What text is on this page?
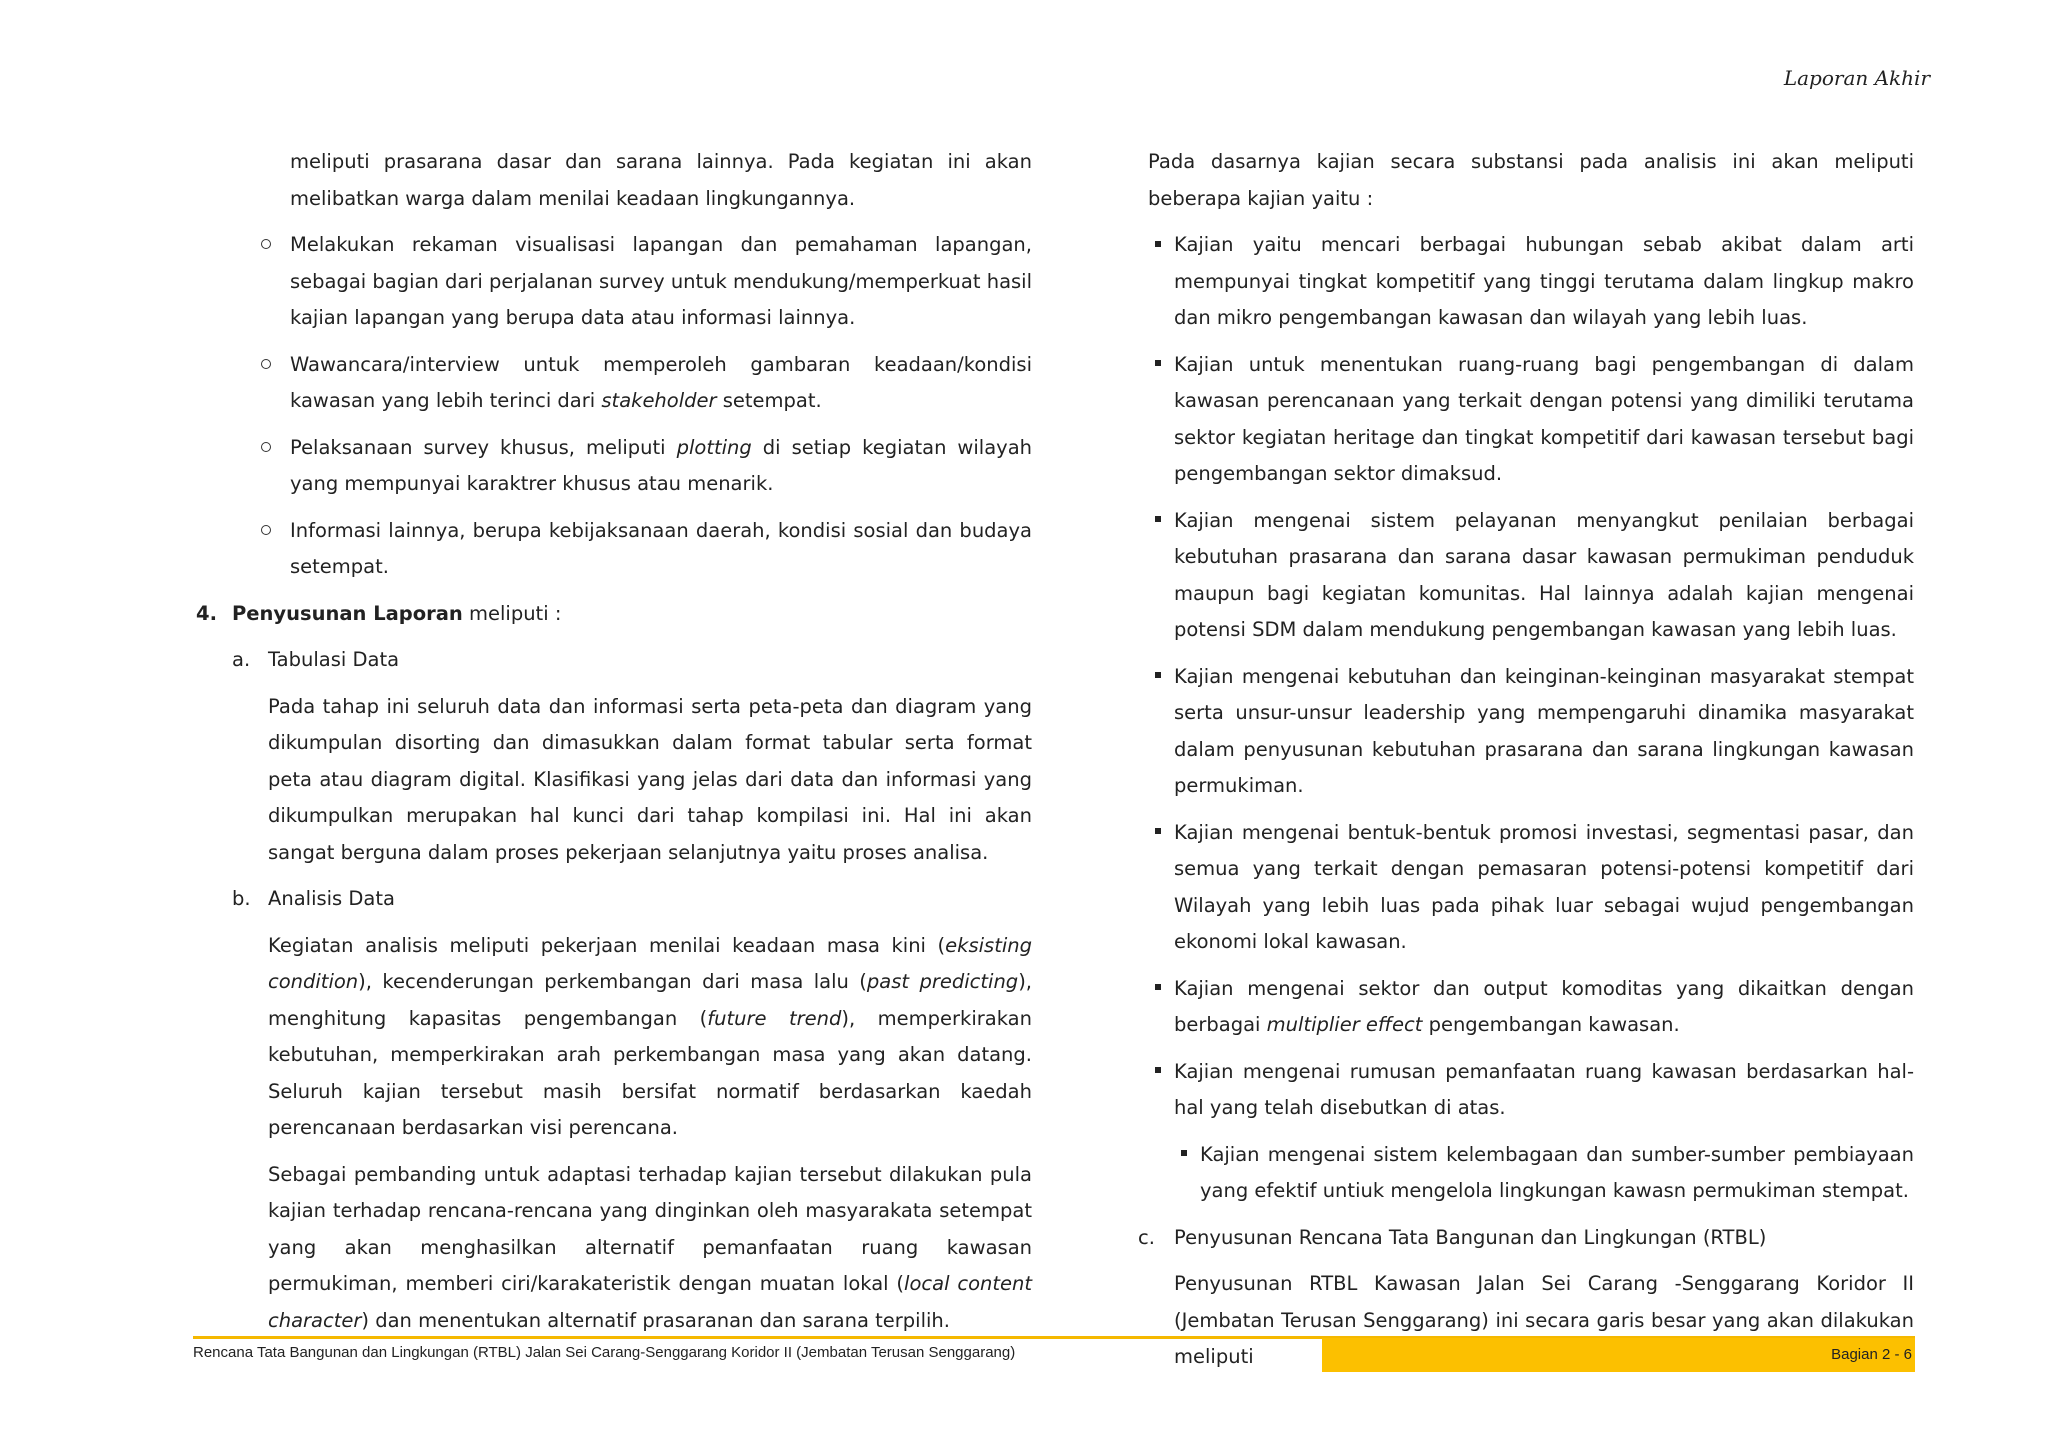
Laporan Akhir

meliputi prasarana dasar dan sarana lainnya. Pada kegiatan ini akan melibatkan warga dalam menilai keadaan lingkungannya.

Melakukan rekaman visualisasi lapangan dan pemahaman lapangan, sebagai bagian dari perjalanan survey untuk mendukung/memperkuat hasil kajian lapangan yang berupa data atau informasi lainnya.
Wawancara/interview untuk memperoleh gambaran keadaan/kondisi kawasan yang lebih terinci dari stakeholder setempat.
Pelaksanaan survey khusus, meliputi plotting di setiap kegiatan wilayah yang mempunyai karaktrer khusus atau menarik.
Informasi lainnya, berupa kebijaksanaan daerah, kondisi sosial dan budaya setempat.
4. Penyusunan Laporan meliputi :
a. Tabulasi Data

Pada tahap ini seluruh data dan informasi serta peta-peta dan diagram yang dikumpulan disorting dan dimasukkan dalam format tabular serta format peta atau diagram digital. Klasifikasi yang jelas dari data dan informasi yang dikumpulkan merupakan hal kunci dari tahap kompilasi ini. Hal ini akan sangat berguna dalam proses pekerjaan selanjutnya yaitu proses analisa.

b. Analisis Data

Kegiatan analisis meliputi pekerjaan menilai keadaan masa kini (eksisting condition), kecenderungan perkembangan dari masa lalu (past predicting), menghitung kapasitas pengembangan (future trend), memperkirakan kebutuhan, memperkirakan arah perkembangan masa yang akan datang. Seluruh kajian tersebut masih bersifat normatif berdasarkan kaedah perencanaan berdasarkan visi perencana.

Sebagai pembanding untuk adaptasi terhadap kajian tersebut dilakukan pula kajian terhadap rencana-rencana yang dinginkan oleh masyarakata setempat yang akan menghasilkan alternatif pemanfaatan ruang kawasan permukiman, memberi ciri/karakateristik dengan muatan lokal (local content character) dan menentukan alternatif prasaranan dan sarana terpilih.

Pada dasarnya kajian secara substansi pada analisis ini akan meliputi beberapa kajian yaitu :

Kajian yaitu mencari berbagai hubungan sebab akibat dalam arti mempunyai tingkat kompetitif yang tinggi terutama dalam lingkup makro dan mikro pengembangan kawasan dan wilayah yang lebih luas.
Kajian untuk menentukan ruang-ruang bagi pengembangan di dalam kawasan perencanaan yang terkait dengan potensi yang dimiliki terutama sektor kegiatan heritage dan tingkat kompetitif dari kawasan tersebut bagi pengembangan sektor dimaksud.
Kajian mengenai sistem pelayanan menyangkut penilaian berbagai kebutuhan prasarana dan sarana dasar kawasan permukiman penduduk maupun bagi kegiatan komunitas. Hal lainnya adalah kajian mengenai potensi SDM dalam mendukung pengembangan kawasan yang lebih luas.
Kajian mengenai kebutuhan dan keinginan-keinginan masyarakat stempat serta unsur-unsur leadership yang mempengaruhi dinamika masyarakat dalam penyusunan kebutuhan prasarana dan sarana lingkungan kawasan permukiman.
Kajian mengenai bentuk-bentuk promosi investasi, segmentasi pasar, dan semua yang terkait dengan pemasaran potensi-potensi kompetitif dari Wilayah yang lebih luas pada pihak luar sebagai wujud pengembangan ekonomi lokal kawasan.
Kajian mengenai sektor dan output komoditas yang dikaitkan dengan berbagai multiplier effect pengembangan kawasan.
Kajian mengenai rumusan pemanfaatan ruang kawasan berdasarkan hal-hal yang telah disebutkan di atas.
Kajian mengenai sistem kelembagaan dan sumber-sumber pembiayaan yang efektif untiuk mengelola lingkungan kawasn permukiman stempat.
c. Penyusunan Rencana Tata Bangunan dan Lingkungan (RTBL)

Penyusunan RTBL Kawasan Jalan Sei Carang -Senggarang Koridor II (Jembatan Terusan Senggarang) ini secara garis besar yang akan dilakukan meliputi

Rencana Tata Bangunan dan Lingkungan (RTBL) Jalan Sei Carang-Senggarang Koridor II (Jembatan Terusan Senggarang)	Bagian 2 - 6
